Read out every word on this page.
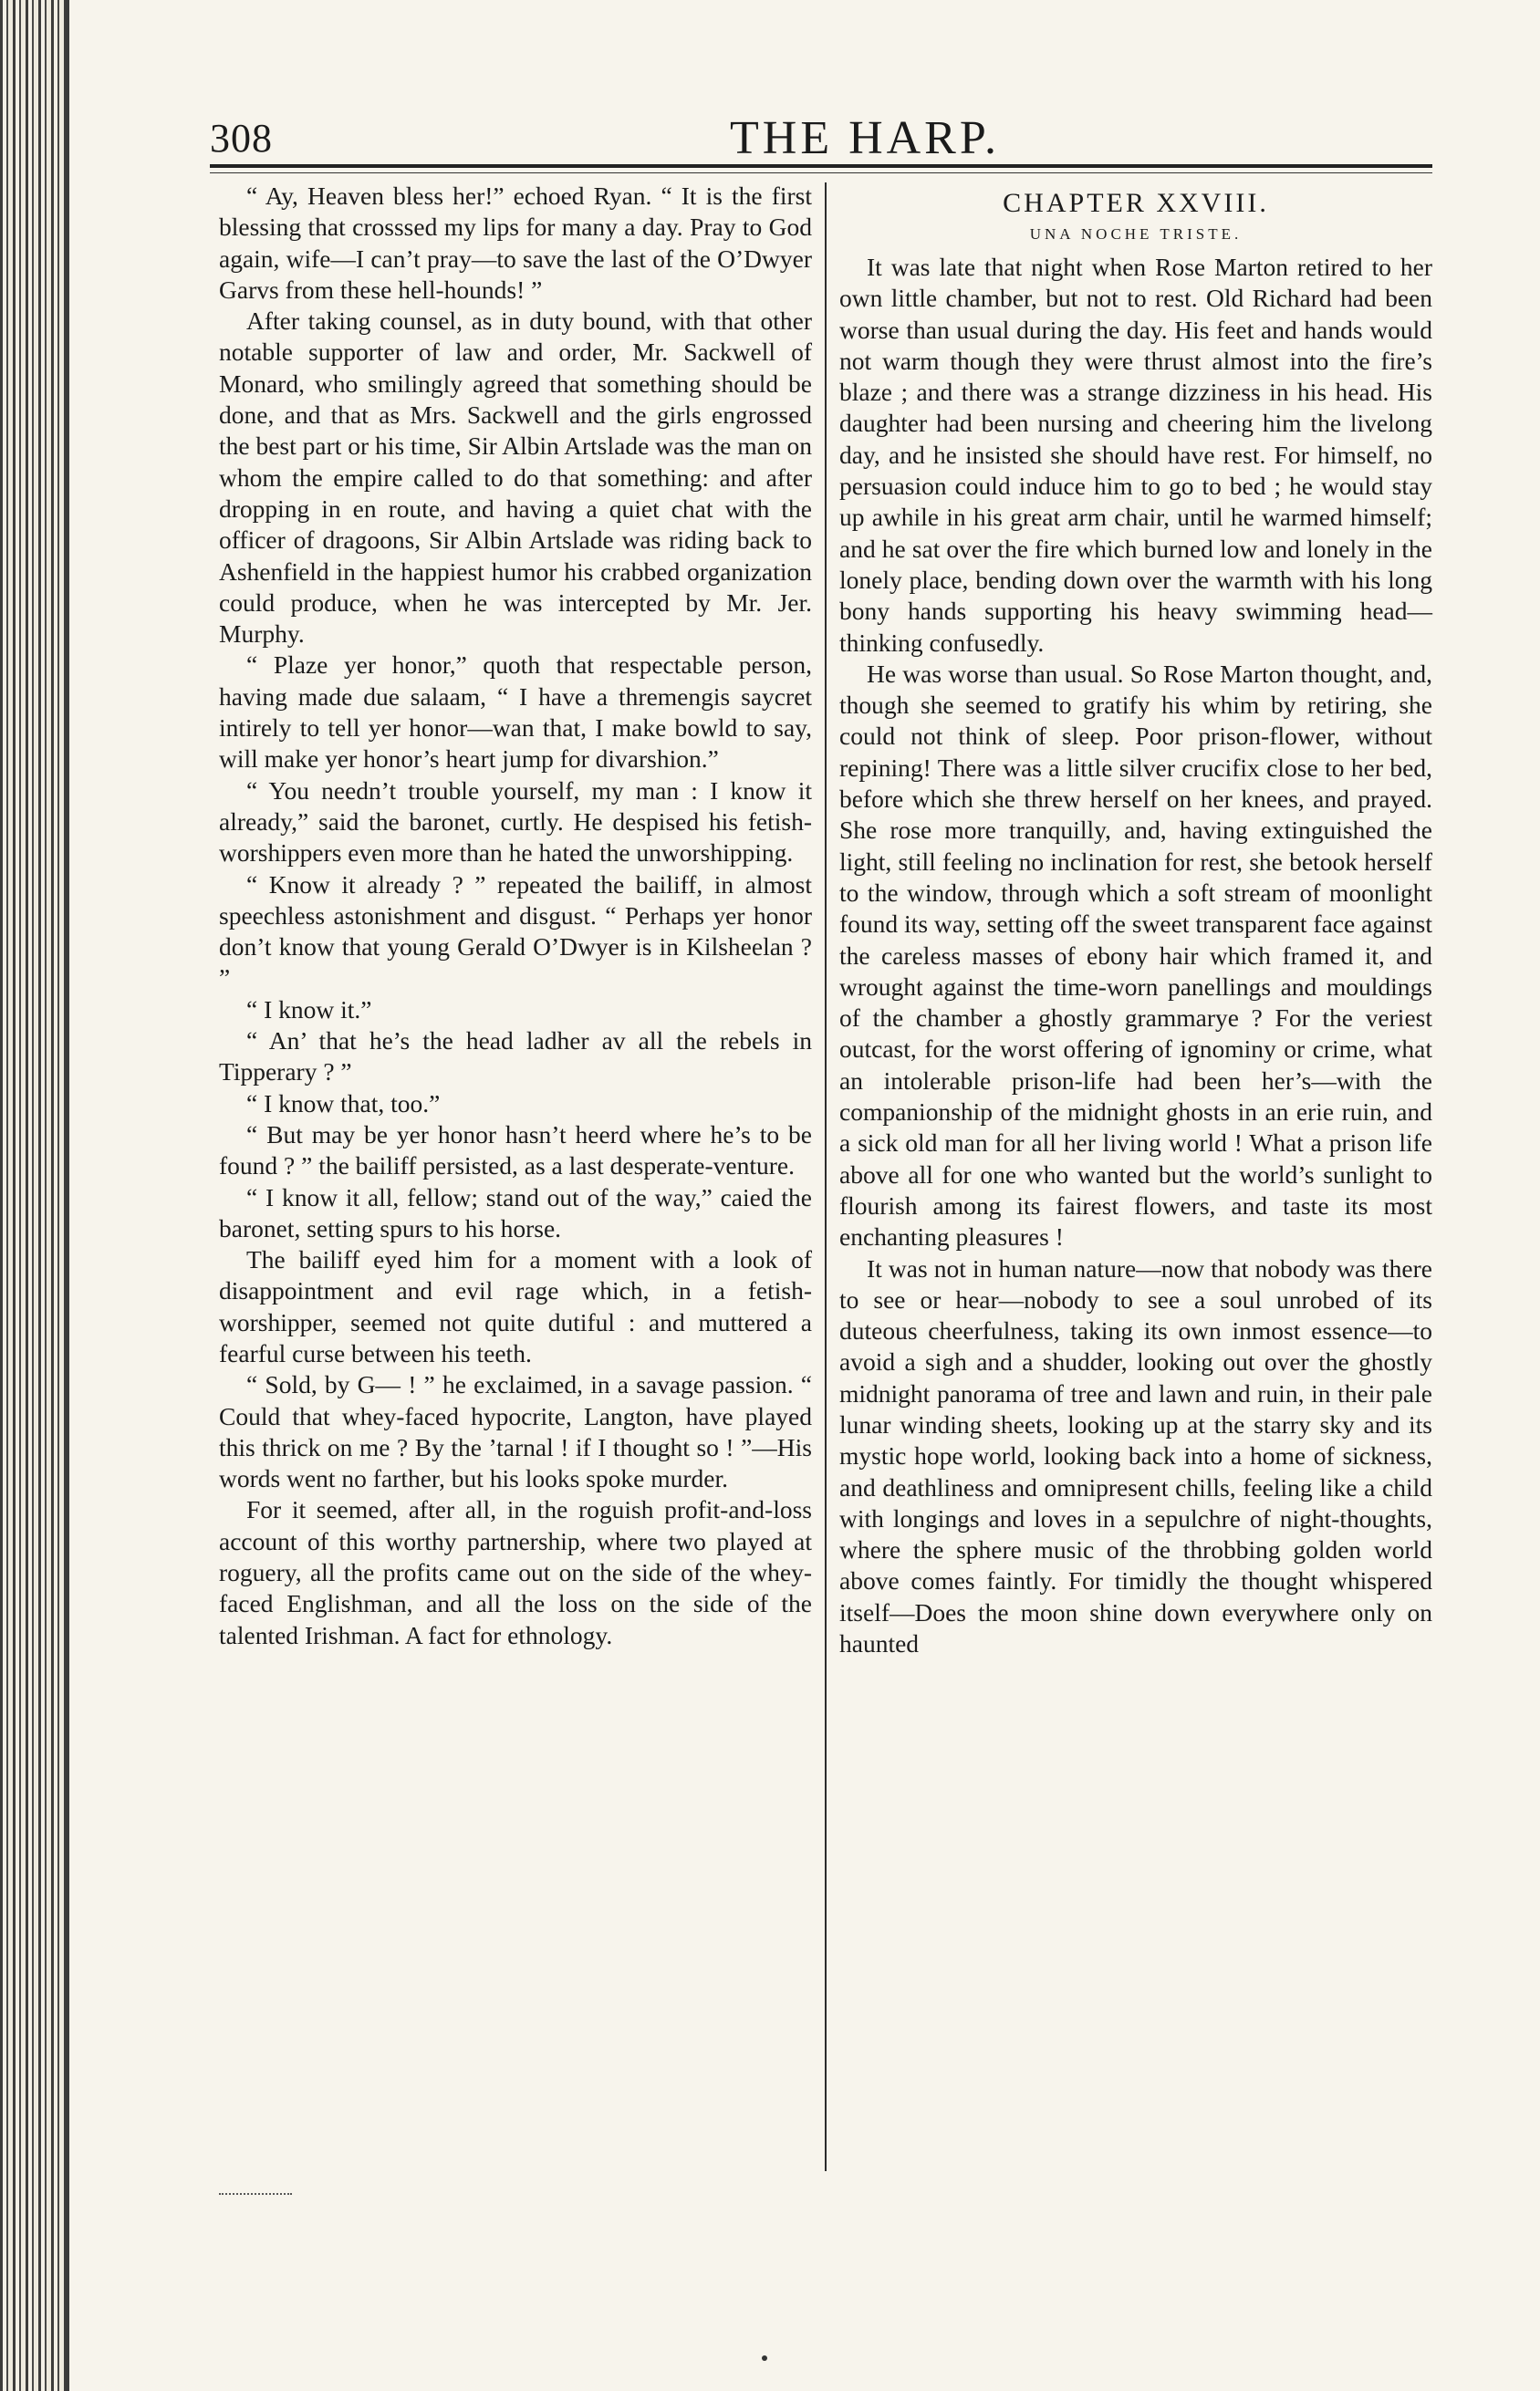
308	THE HARP.

“ Ay, Heaven bless her!” echoed Ryan. “ It is the first blessing that crosssed my lips for many a day. Pray to God again, wife—I can’t pray—to save the last of the O’Dwyer Garvs from these hell-hounds! ”

After taking counsel, as in duty bound, with that other notable supporter of law and order, Mr. Sackwell of Monard, who smilingly agreed that something should be done, and that as Mrs. Sackwell and the girls engrossed the best part or his time, Sir Albin Artslade was the man on whom the empire called to do that something: and after dropping in en route, and having a quiet chat with the officer of dragoons, Sir Albin Artslade was riding back to Ashenfield in the happiest humor his crabbed organization could produce, when he was intercepted by Mr. Jer. Murphy.

“ Plaze yer honor,” quoth that respectable person, having made due salaam, “ I have a thremengis saycret intirely to tell yer honor—wan that, I make bowld to say, will make yer honor’s heart jump for divarshion.”

“ You needn’t trouble yourself, my man : I know it already,” said the baronet, curtly. He despised his fetish-worshippers even more than he hated the unworshipping.

“ Know it already ? ” repeated the bailiff, in almost speechless astonishment and disgust. “ Perhaps yer honor don’t know that young Gerald O’Dwyer is in Kilsheelan ? ”

“ I know it.”

“ An’ that he’s the head ladher av all the rebels in Tipperary ? ”

“ I know that, too.”

“ But may be yer honor hasn’t heerd where he’s to be found ? ” the bailiff persisted, as a last desperate-venture.

“ I know it all, fellow; stand out of the way,” caied the baronet, setting spurs to his horse.

The bailiff eyed him for a moment with a look of disappointment and evil rage which, in a fetish-worshipper, seemed not quite dutiful : and muttered a fearful curse between his teeth.

“ Sold, by G— ! ” he exclaimed, in a savage passion. “ Could that whey-faced hypocrite, Langton, have played this thrick on me ? By the ’tarnal ! if I thought so ! ”—His words went no farther, but his looks spoke murder.

For it seemed, after all, in the roguish profit-and-loss account of this worthy partnership, where two played at roguery, all the profits came out on the side of the whey-faced Englishman, and all the loss on the side of the talented Irishman. A fact for ethnology.

CHAPTER XXVIII.
UNA NOCHE TRISTE.

It was late that night when Rose Marton retired to her own little chamber, but not to rest. Old Richard had been worse than usual during the day. His feet and hands would not warm though they were thrust almost into the fire’s blaze ; and there was a strange dizziness in his head. His daughter had been nursing and cheering him the livelong day, and he insisted she should have rest. For himself, no persuasion could induce him to go to bed ; he would stay up awhile in his great arm chair, until he warmed himself; and he sat over the fire which burned low and lonely in the lonely place, bending down over the warmth with his long bony hands supporting his heavy swimming head—thinking confusedly.

He was worse than usual. So Rose Marton thought, and, though she seemed to gratify his whim by retiring, she could not think of sleep. Poor prison-flower, without repining! There was a little silver crucifix close to her bed, before which she threw herself on her knees, and prayed. She rose more tranquilly, and, having extinguished the light, still feeling no inclination for rest, she betook herself to the window, through which a soft stream of moonlight found its way, setting off the sweet transparent face against the careless masses of ebony hair which framed it, and wrought against the time-worn panellings and mouldings of the chamber a ghostly grammarye ? For the veriest outcast, for the worst offering of ignominy or crime, what an intolerable prison-life had been her’s—with the companionship of the midnight ghosts in an erie ruin, and a sick old man for all her living world ! What a prison life above all for one who wanted but the world’s sunlight to flourish among its fairest flowers, and taste its most enchanting pleasures !

It was not in human nature—now that nobody was there to see or hear—nobody to see a soul unrobed of its duteous cheerfulness, taking its own inmost essence—to avoid a sigh and a shudder, looking out over the ghostly midnight panorama of tree and lawn and ruin, in their pale lunar winding sheets, looking up at the starry sky and its mystic hope world, looking back into a home of sickness, and deathliness and omnipresent chills, feeling like a child with longings and loves in a sepulchre of night-thoughts, where the sphere music of the throbbing golden world above comes faintly. For timidly the thought whispered itself—Does the moon shine down everywhere only on haunted
